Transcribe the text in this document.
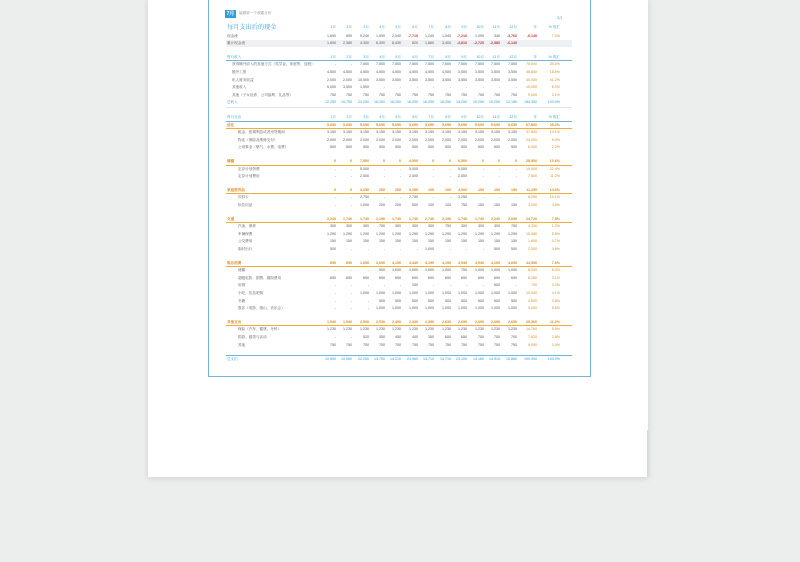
7月	编辑第一个收藏月份
3月
每月支出后的现金	1月	2月	3月	4月	5月	6月	7月	8月	9月	10月	11月	12月	年	% 的汇
现金流	1,690	690	9,240	1,590	2,040	-7,710	1,240	1,540	-7,210	1,090	340	-3,760	-6,140	7.0%
累计现金流	1,690	2,380	4,300	6,390	8,430	820	1,860	3,400	-3,810	-2,720	-2,380	-6,140
每月收入	1月	2月	3月	4月	5月	6月	7月	8月	9月	10月	11月	12月	年	% 的汇
获得额外收入的其他方式（奖学金、家庭等、加班）	-	-	7,500	7,500	7,500	7,500	7,500	7,500	7,500	7,500	7,500	7,500	75,000	30.0%
额外工资	4,500	4,500	4,500	4,500	4,500	4,500	4,500	4,500	3,500	3,500	3,500	3,500	48,850	18.6%
私人财务收益	2,000	2,000	10,000	3,500	3,500	3,500	3,500	3,500	3,500	3,500	3,500	3,500	45,000	41.2%
其他收入	5,000	3,500	1,500	-	-	-	-	-	-	-	-	-	10,000	6.0%
其他（子女抚养、公司福利、礼品等）	750	750	750	750	750	750	750	750	750	750	750	750	9,000	3.1%
总收入	12,250	10,750	24,250	16,250	16,250	16,250	16,250	16,250	15,250	15,250	15,250	12,180	184,350	100.0%
每月支出	1月	2月	3月	4月	5月	6月	7月	8月	9月	10月	11月	12月	年	% 的汇
居住	5,650	5,650	5,650	5,650	5,650	5,650	5,650	5,650	5,650	5,650	5,650	5,650	67,800	25.2%
租金、按揭利息或者房贷期间	3,150	3,150	3,150	3,150	3,150	3,150	3,150	3,150	3,150	3,150	3,150	3,150	37,800	14.1%
物业（保险及维修支付）	2,000	2,000	2,000	2,000	2,000	2,000	2,000	2,000	2,000	2,000	2,000	2,000	24,000	9.0%
公用事业（燃气、水费、电费）	500	500	500	500	500	500	500	500	500	500	500	500	6,000	2.2%
储蓄	0	0	7,500	0	0	4,500	0	0	6,500	0	0	0	28,500	10.6%
定存计划资费	-	-	5,000	-	-	5,000	-	-	5,000	-	-	-	15,000	22.4%
定存计划费用	-	-	2,500	-	-	2,500	-	-	2,500	-	-	-	7,500	11.2%
家庭营养品	0	0	3,250	200	200	3,250	100	100	4,000	150	150	150	11,250	14.6%
饮料卡	-	-	2,750	-	-	2,750	-	-	3,250	-	-	-	8,250	10.1%
软饮用品	-	-	1,000	200	200	500	100	100	750	150	150	150	3,000	4.5%
交通	2,240	1,740	1,740	2,190	1,740	1,740	2,740	2,190	1,740	1,740	2,240	2,690	24,720	7.8%
汽油、保养	300	300	300	750	300	300	300	750	300	300	300	750	4,350	1.3%
车辆保费	1,290	1,290	1,290	1,290	1,290	1,290	1,290	1,290	1,290	1,290	1,290	1,290	15,480	5.8%
公交费用	150	150	150	150	150	150	150	150	150	150	150	150	1,800	0.7%
临时出行	500	-	-	-	-	-	1,000	-	-	-	500	500	2,500	0.6%
娱乐消费	690	690	1,690	3,690	4,190	4,440	4,190	4,190	3,940	3,940	4,190	4,690	44,530	7.6%
储蓄	-	-	-	500	1,000	1,000	1,000	1,000	750	1,000	1,000	1,000	8,000	6.0%
超级电影、剧票、剧院费用	690	690	690	690	690	690	690	690	690	690	690	690	8,280	3.1%
用餐	-	-	-	-	-	250	-	-	-	-	500	-	750	0.2%
小吃、饮品吧餐	-	-	1,000	1,000	1,000	1,000	1,000	1,000	1,000	1,000	1,000	1,000	10,000	4.1%
书籍	-	-	-	500	500	500	500	500	500	500	500	500	4,500	0.8%
娱乐（电影、爬山、音乐会）	-	-	-	1,000	1,000	1,000	1,000	1,000	1,000	1,000	1,000	1,000	9,000	5.5%
其他支出	1,940	1,940	2,500	2,530	2,490	2,330	2,390	2,630	2,690	2,690	2,690	2,690	29,360	11.2%
保险（汽车、健康、牙科）	1,230	1,230	1,230	1,230	1,230	1,230	1,230	1,230	1,230	1,230	1,230	1,230	14,760	5.5%
捐款、慈善与活动	-	-	520	350	450	400	350	600	650	700	700	700	7,620	2.8%
其他	750	750	750	750	750	750	750	750	750	750	750	750	9,000	3.4%
总支出	10,690	10,060	22,250	14,700	14,210	23,960	14,710	14,710	23,100	14,160	14,910	15,860	190,490	100.0%
